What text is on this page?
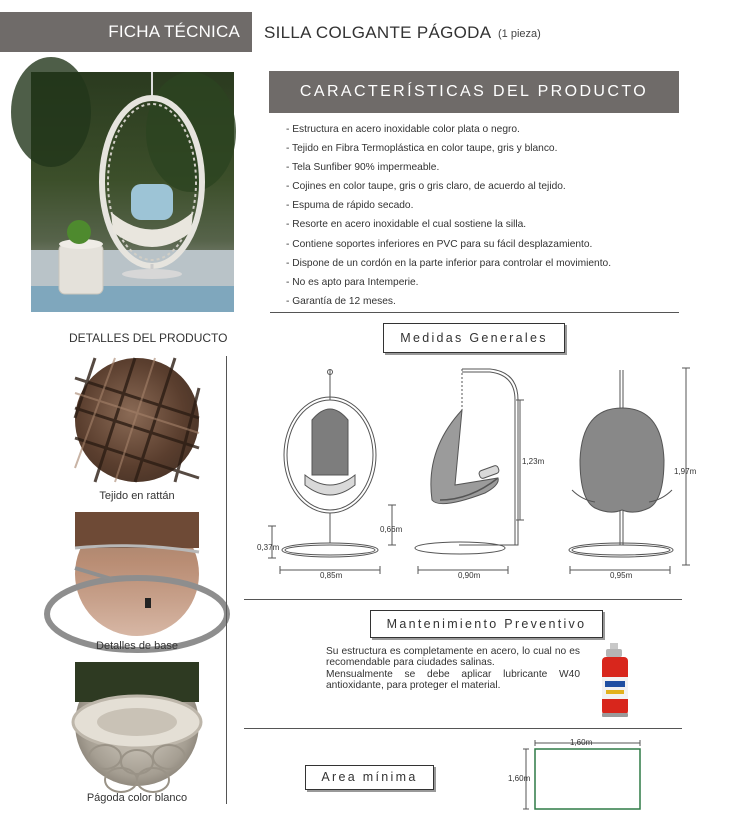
FICHA TÉCNICA	SILLA COLGANTE PÁGODA (1 pieza)
CARACTERÍSTICAS DEL PRODUCTO
- Estructura en acero inoxidable color plata o negro.
- Tejido en Fibra Termoplástica en color taupe, gris y blanco.
- Tela Sunfiber 90% impermeable.
- Cojines en color taupe, gris o gris claro, de acuerdo al tejido.
- Espuma de rápido secado.
- Resorte en acero inoxidable el cual sostiene la silla.
- Contiene soportes inferiores en PVC para su fácil desplazamiento.
- Dispone de un cordón en la parte inferior para controlar el movimiento.
- No es apto para Intemperie.
- Garantía de 12 meses.
DETALLES DEL PRODUCTO
Tejido en rattán
Detalles de base
Págoda color blanco
Medidas Generales
0,85m
0,37m
0,90m
1,23m
0,66m
0,95m
1,97m
Mantenimiento Preventivo

Su estructura es completamente en acero, lo cual no es recomendable para ciudades salinas.

Mensualmente se debe aplicar lubricante W40 antioxidante, para proteger el material.

Area mínima
1,60m
1,60m
